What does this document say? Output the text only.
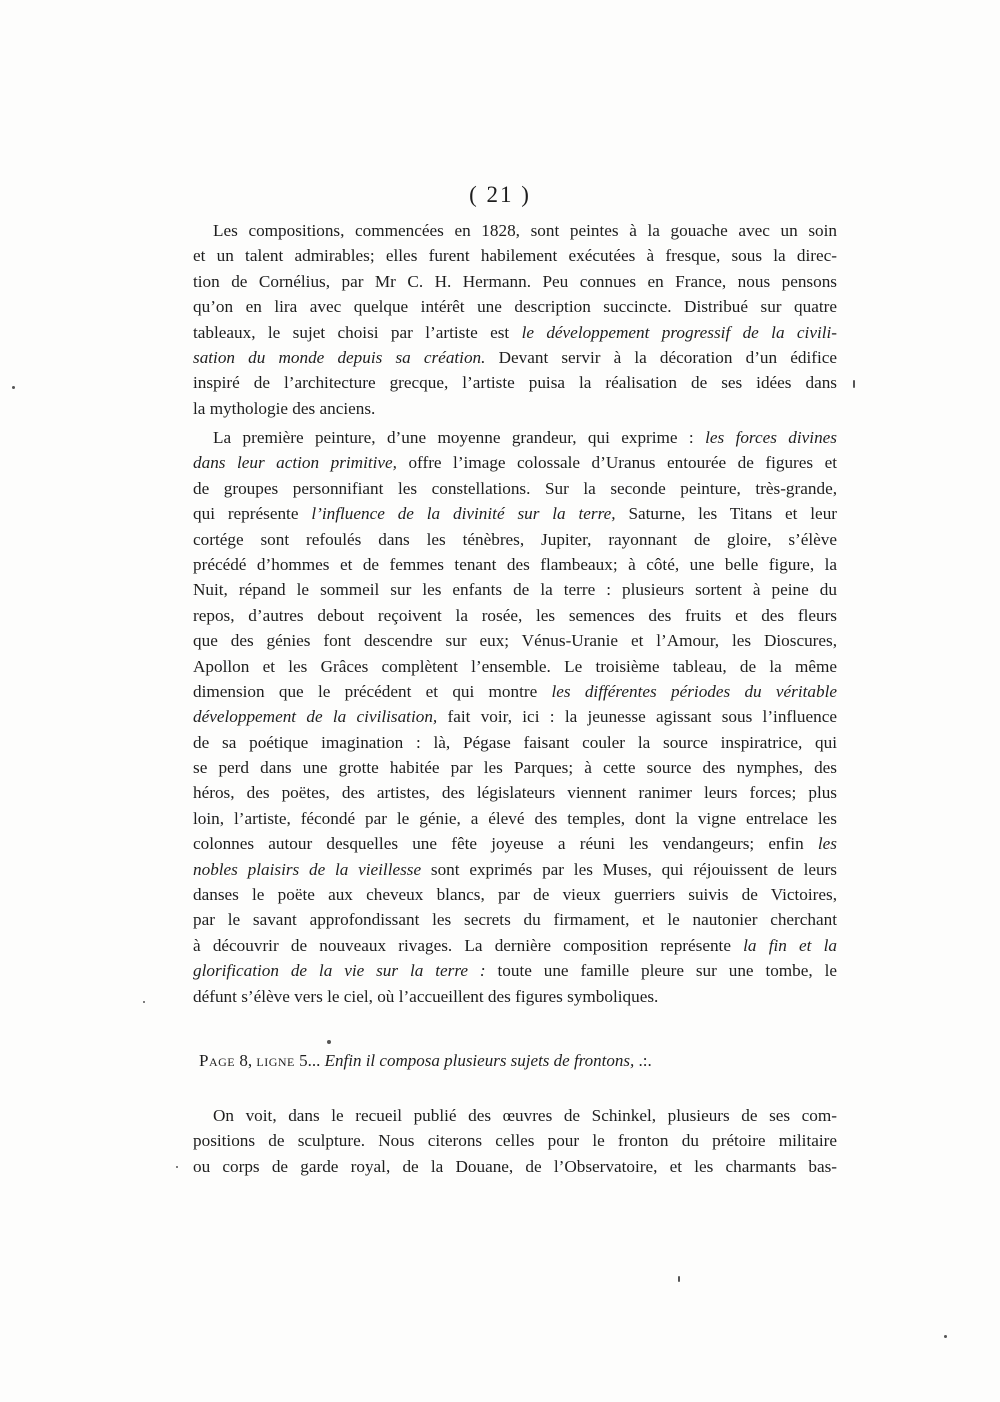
( 21 )
Les compositions, commencées en 1828, sont peintes à la gouache avec un soin
et un talent admirables; elles furent habilement exécutées à fresque, sous la direc-
tion de Cornélius, par Mr C. H. Hermann. Peu connues en France, nous pensons
qu’on en lira avec quelque intérêt une description succincte. Distribué sur quatre
tableaux, le sujet choisi par l’artiste est le développement progressif de la civili-
sation du monde depuis sa création. Devant servir à la décoration d’un édifice
inspiré de l’architecture grecque, l’artiste puisa la réalisation de ses idées dans
la mythologie des anciens.
La première peinture, d’une moyenne grandeur, qui exprime : les forces divines
dans leur action primitive, offre l’image colossale d’Uranus entourée de figures et
de groupes personnifiant les constellations. Sur la seconde peinture, très-grande,
qui représente l’influence de la divinité sur la terre, Saturne, les Titans et leur
cortége sont refoulés dans les ténèbres, Jupiter, rayonnant de gloire, s’élève
précédé d’hommes et de femmes tenant des flambeaux; à côté, une belle figure, la
Nuit, répand le sommeil sur les enfants de la terre : plusieurs sortent à peine du
repos, d’autres debout reçoivent la rosée, les semences des fruits et des fleurs
que des génies font descendre sur eux; Vénus-Uranie et l’Amour, les Dioscures,
Apollon et les Grâces complètent l’ensemble. Le troisième tableau, de la même
dimension que le précédent et qui montre les différentes périodes du véritable
développement de la civilisation, fait voir, ici : la jeunesse agissant sous l’influence
de sa poétique imagination : là, Pégase faisant couler la source inspiratrice, qui
se perd dans une grotte habitée par les Parques; à cette source des nymphes, des
héros, des poëtes, des artistes, des législateurs viennent ranimer leurs forces; plus
loin, l’artiste, fécondé par le génie, a élevé des temples, dont la vigne entrelace les
colonnes autour desquelles une fête joyeuse a réuni les vendangeurs; enfin les
nobles plaisirs de la vieillesse sont exprimés par les Muses, qui réjouissent de leurs
danses le poëte aux cheveux blancs, par de vieux guerriers suivis de Victoires,
par le savant approfondissant les secrets du firmament, et le nautonier cherchant
à découvrir de nouveaux rivages. La dernière composition représente la fin et la
glorification de la vie sur la terre : toute une famille pleure sur une tombe, le
défunt s’élève vers le ciel, où l’accueillent des figures symboliques.
Page 8, ligne 5... Enfin il composa plusieurs sujets de frontons, .:.
On voit, dans le recueil publié des œuvres de Schinkel, plusieurs de ses com-
positions de sculpture. Nous citerons celles pour le fronton du prétoire militaire
ou corps de garde royal, de la Douane, de l’Observatoire, et les charmants bas-
